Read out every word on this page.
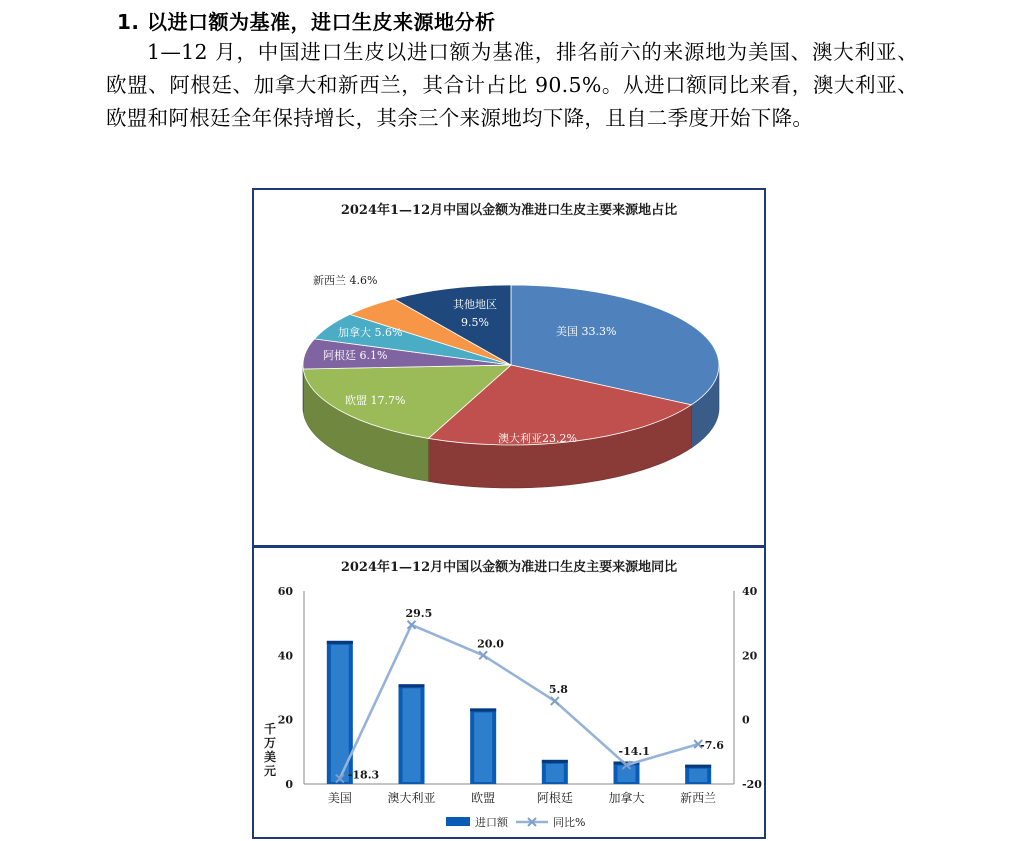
1. 以进口额为基准，进口生皮来源地分析
1—12 月，中国进口生皮以进口额为基准，排名前六的来源地为美国、澳大利亚、欧盟、阿根廷、加拿大和新西兰，其合计占比 90.5%。从进口额同比来看，澳大利亚、欧盟和阿根廷全年保持增长，其余三个来源地均下降，且自二季度开始下降。
2024年1—12月中国以金额为准进口生皮主要来源地占比
美国 33.3%
澳大利亚23.2%
欧盟 17.7%
阿根廷 6.1%
加拿大 5.6%
新西兰 4.6%
其他地区
9.5%
2024年1—12月中国以金额为准进口生皮主要来源地同比
0
20
40
60
-20
0
20
40
千万美元
美国	澳大利亚	欧盟	阿根廷	加拿大	新西兰
-18.3
29.5
20.0
5.8
-14.1	-7.6
进口额	同比%
